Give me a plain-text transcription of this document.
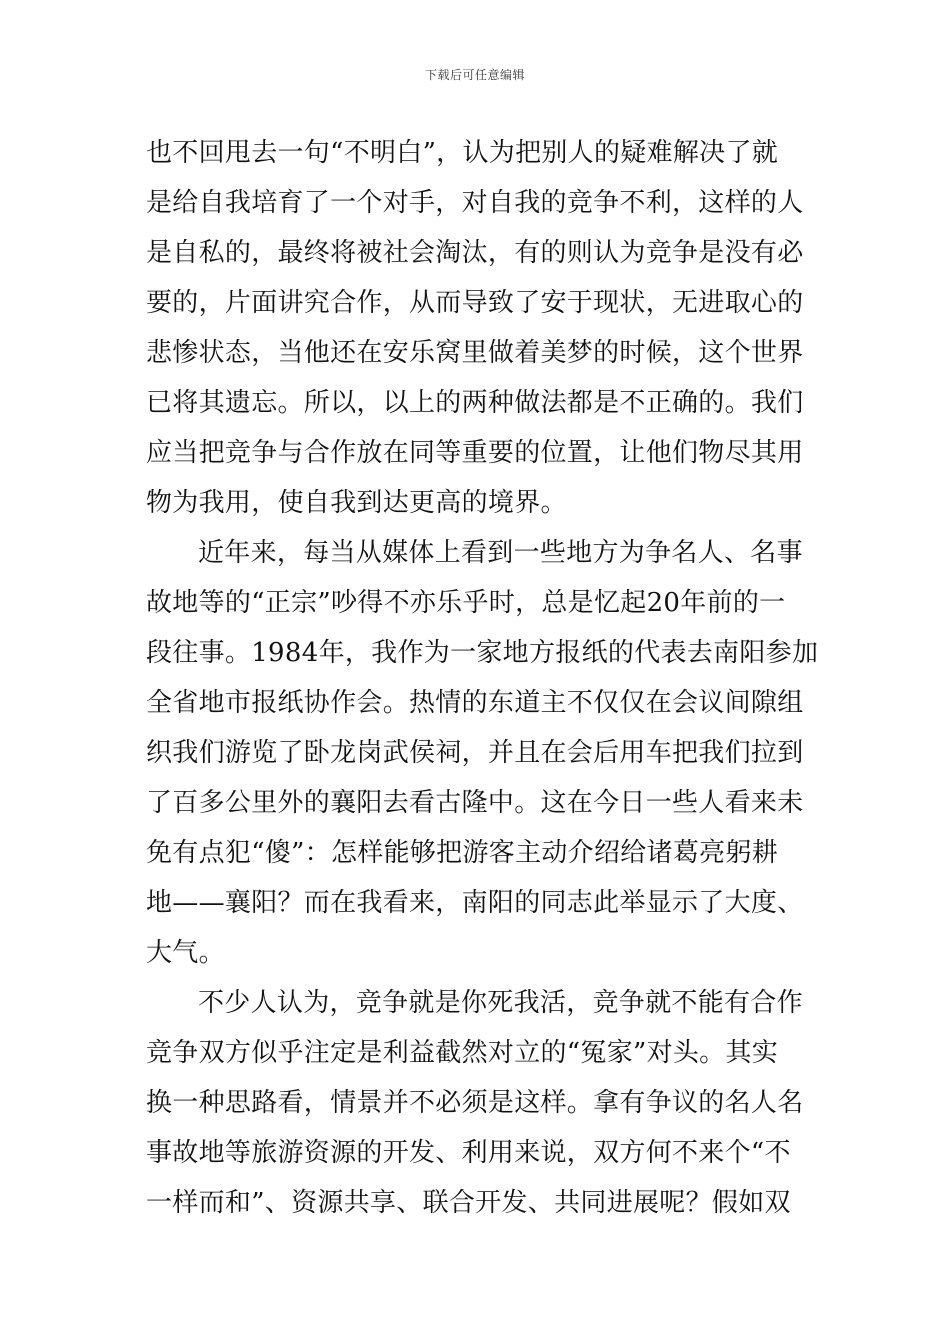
下载后可任意编辑
也不回甩去一句“不明白”，认为把别人的疑难解决了就
是给自我培育了一个对手，对自我的竞争不利，这样的人
是自私的，最终将被社会淘汰，有的则认为竞争是没有必
要的，片面讲究合作，从而导致了安于现状，无进取心的
悲惨状态，当他还在安乐窝里做着美梦的时候，这个世界
已将其遗忘。所以，以上的两种做法都是不正确的。我们
应当把竞争与合作放在同等重要的位置，让他们物尽其用
物为我用，使自我到达更高的境界。
近年来，每当从媒体上看到一些地方为争名人、名事
故地等的“正宗”吵得不亦乐乎时，总是忆起20年前的一
段往事。1984年，我作为一家地方报纸的代表去南阳参加
全省地市报纸协作会。热情的东道主不仅仅在会议间隙组
织我们游览了卧龙岗武侯祠，并且在会后用车把我们拉到
了百多公里外的襄阳去看古隆中。这在今日一些人看来未
免有点犯“傻”：怎样能够把游客主动介绍给诸葛亮躬耕
地——襄阳？而在我看来，南阳的同志此举显示了大度、
大气。
不少人认为，竞争就是你死我活，竞争就不能有合作
竞争双方似乎注定是利益截然对立的“冤家”对头。其实
换一种思路看，情景并不必须是这样。拿有争议的名人名
事故地等旅游资源的开发、利用来说，双方何不来个“不
一样而和”、资源共享、联合开发、共同进展呢？假如双
